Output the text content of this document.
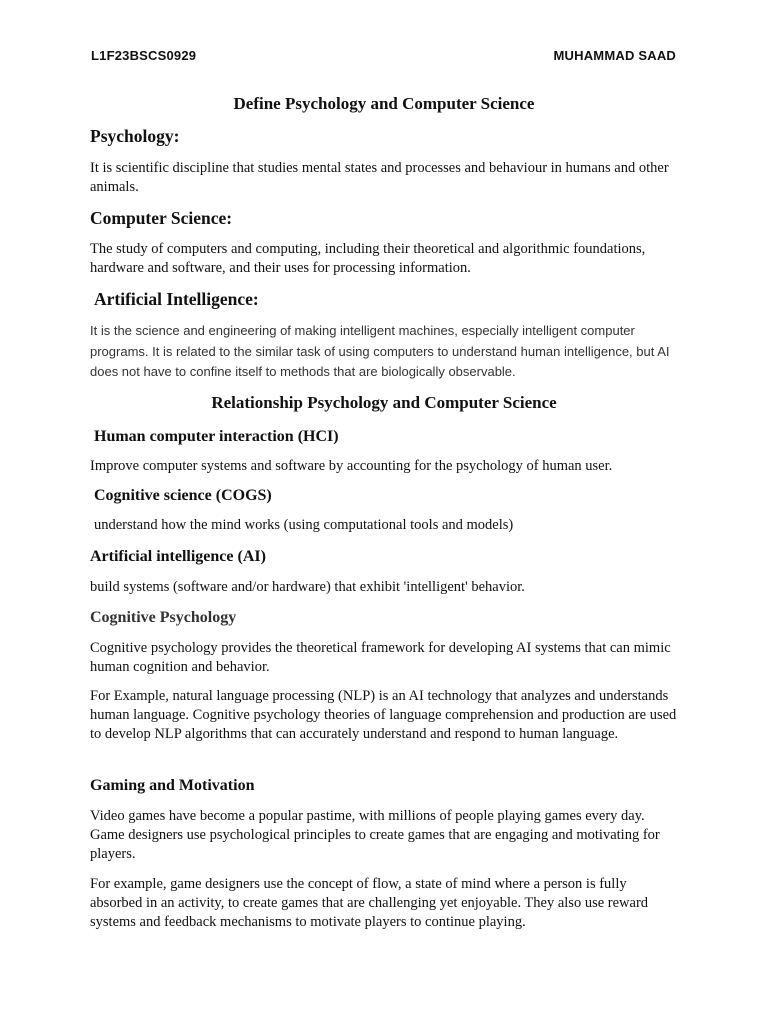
L1F23BSCS0929	MUHAMMAD SAAD

Define Psychology and Computer Science

Psychology:

It is scientific discipline that studies mental states and processes and behaviour in humans and other animals.

Computer Science:

The study of computers and computing, including their theoretical and algorithmic foundations, hardware and software, and their uses for processing information.

Artificial Intelligence:

It is the science and engineering of making intelligent machines, especially intelligent computer programs. It is related to the similar task of using computers to understand human intelligence, but AI does not have to confine itself to methods that are biologically observable.

Relationship Psychology and Computer Science

Human computer interaction (HCI)

Improve computer systems and software by accounting for the psychology of human user.

Cognitive science (COGS)

understand how the mind works (using computational tools and models)

Artificial intelligence (AI)

build systems (software and/or hardware) that exhibit 'intelligent' behavior.

Cognitive Psychology

Cognitive psychology provides the theoretical framework for developing AI systems that can mimic human cognition and behavior.

For Example, natural language processing (NLP) is an AI technology that analyzes and understands human language. Cognitive psychology theories of language comprehension and production are used to develop NLP algorithms that can accurately understand and respond to human language.

Gaming and Motivation

Video games have become a popular pastime, with millions of people playing games every day. Game designers use psychological principles to create games that are engaging and motivating for players.

For example, game designers use the concept of flow, a state of mind where a person is fully absorbed in an activity, to create games that are challenging yet enjoyable. They also use reward systems and feedback mechanisms to motivate players to continue playing.
